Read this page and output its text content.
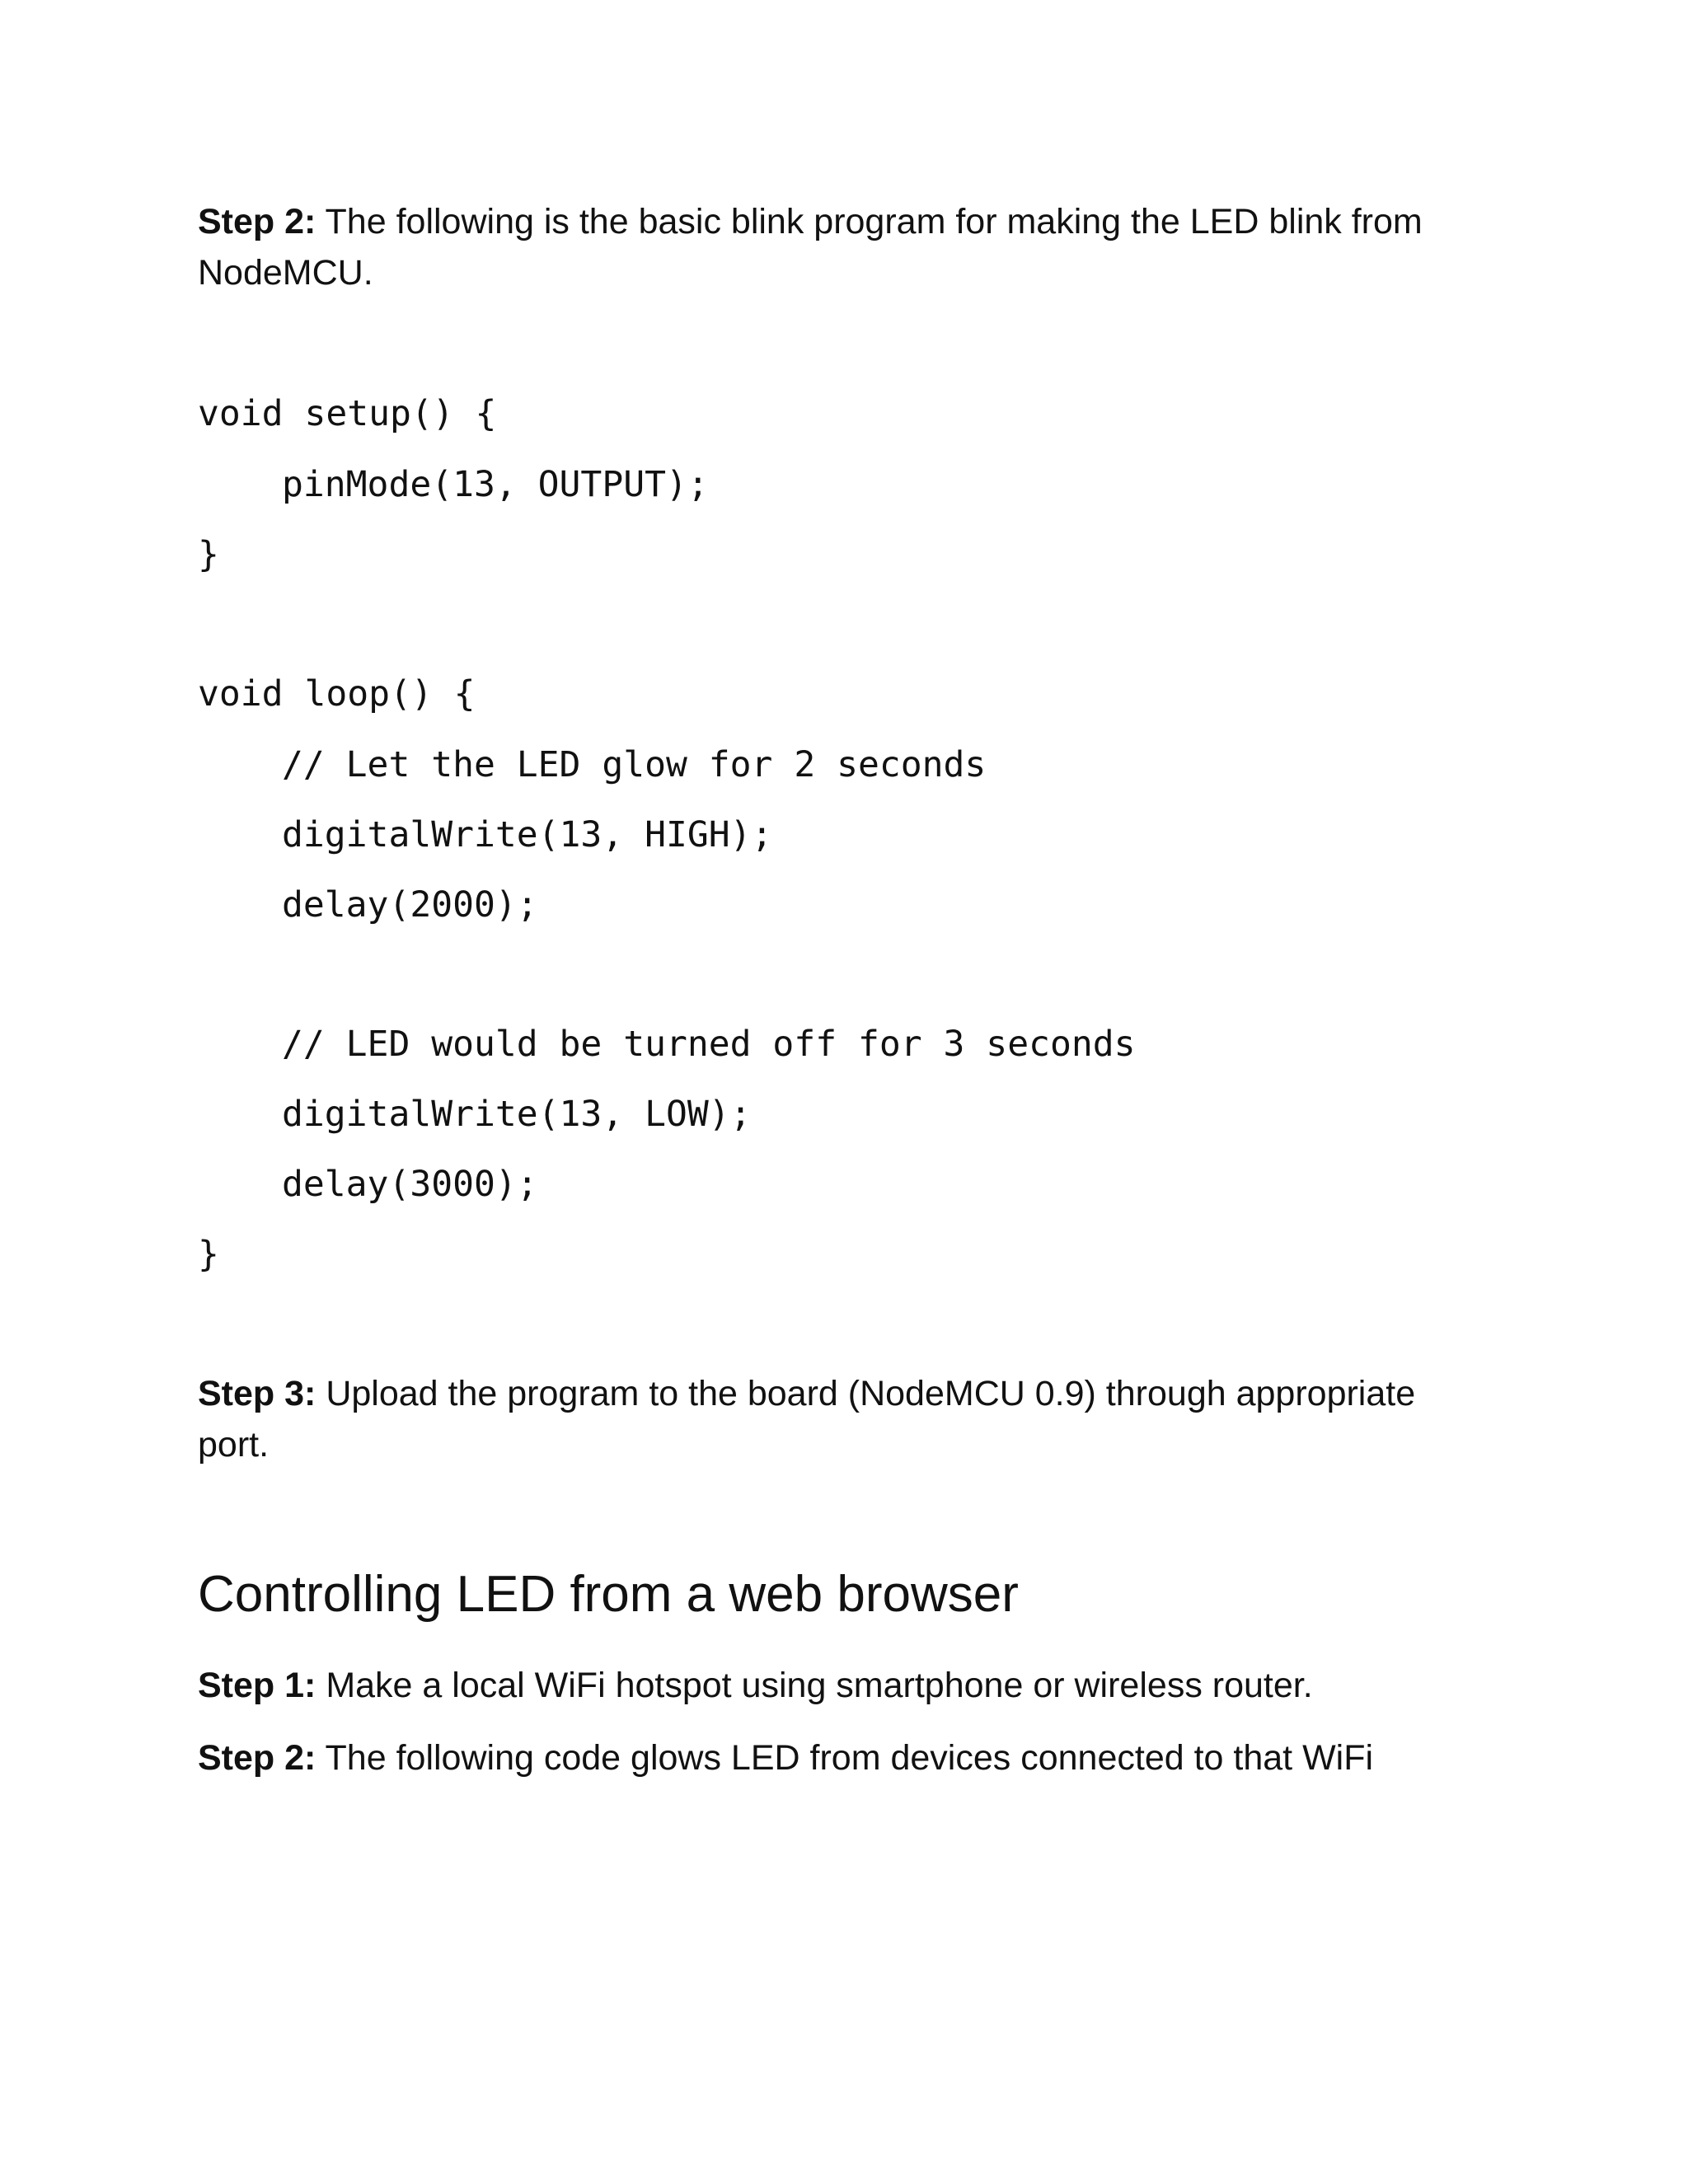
Step 2: The following is the basic blink program for making the LED blink from NodeMCU.

void setup() {

pinMode(13, OUTPUT);

}

void loop() {

// Let the LED glow for 2 seconds

digitalWrite(13, HIGH);

delay(2000);

// LED would be turned off for 3 seconds

digitalWrite(13, LOW);

delay(3000);

}

Step 3: Upload the program to the board (NodeMCU 0.9) through appropriate port.

Controlling LED from a web browser

Step 1: Make a local WiFi hotspot using smartphone or wireless router.

Step 2: The following code glows LED from devices connected to that WiFi
